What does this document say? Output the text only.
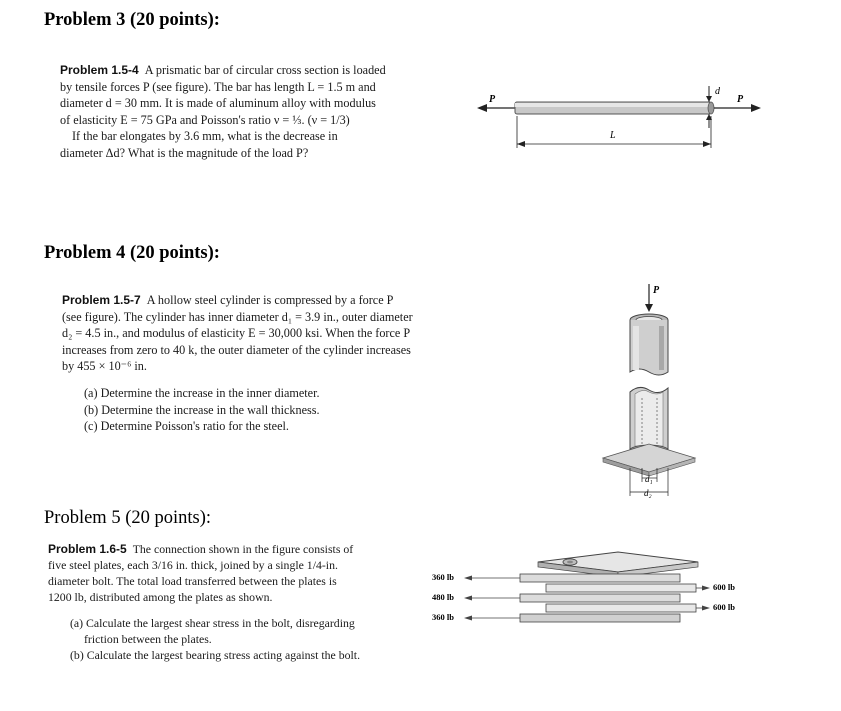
Problem 3 (20 points):
Problem 1.5-4 A prismatic bar of circular cross section is loaded
by tensile forces P (see figure). The bar has length L = 1.5 m and
diameter d = 30 mm. It is made of aluminum alloy with modulus
of elasticity E = 75 GPa and Poisson's ratio ν = ⅓. (ν = 1/3)
If the bar elongates by 3.6 mm, what is the decrease in
diameter Δd? What is the magnitude of the load P?
P	P
d
L
Problem 4 (20 points):
Problem 1.5-7 A hollow steel cylinder is compressed by a force P
(see figure). The cylinder has inner diameter d₁ = 3.9 in., outer diameter
d₂ = 4.5 in., and modulus of elasticity E = 30,000 ksi. When the force P
increases from zero to 40 k, the outer diameter of the cylinder increases
by 455 × 10⁻⁶ in.
(a) Determine the increase in the inner diameter.
(b) Determine the increase in the wall thickness.
(c) Determine Poisson's ratio for the steel.
P
d₁
d₂
Problem 5 (20 points):
Problem 1.6-5 The connection shown in the figure consists of
five steel plates, each 3/16 in. thick, joined by a single 1/4-in.
diameter bolt. The total load transferred between the plates is
1200 lb, distributed among the plates as shown.
(a) Calculate the largest shear stress in the bolt, disregarding
friction between the plates.
(b) Calculate the largest bearing stress acting against the bolt.
360 lb
480 lb
360 lb
600 lb
600 lb
